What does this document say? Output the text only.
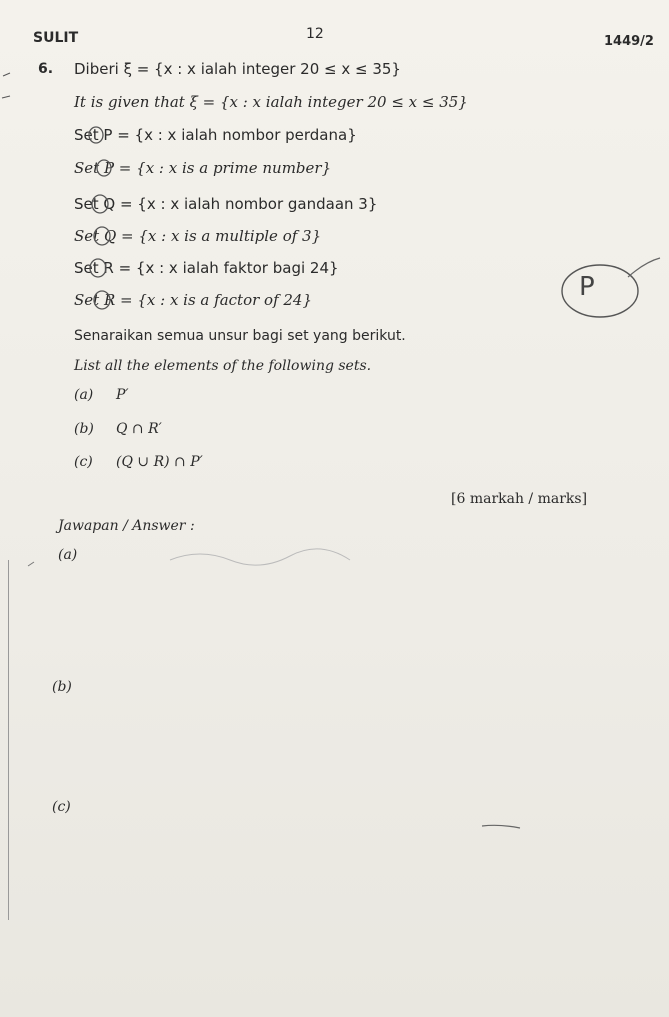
SULIT	12	1449/2
6. Diberi ξ = {x : x ialah integer 20 ≤ x ≤ 35}
It is given that ξ = {x : x ialah integer 20 ≤ x ≤ 35}
Set P = {x : x ialah nombor perdana}
Set P = {x : x is a prime number}
Set Q = {x : x ialah nombor gandaan 3}
Set Q = {x : x is a multiple of 3}
Set R = {x : x ialah faktor bagi 24}
Set R = {x : x is a factor of 24}
Senaraikan semua unsur bagi set yang berikut.
List all the elements of the following sets.
(a) P′
(b) Q ∩ R′
(c) (Q ∪ R) ∩ P′
[6 markah / marks]
Jawapan / Answer :
(a)
(b)
(c)
P
